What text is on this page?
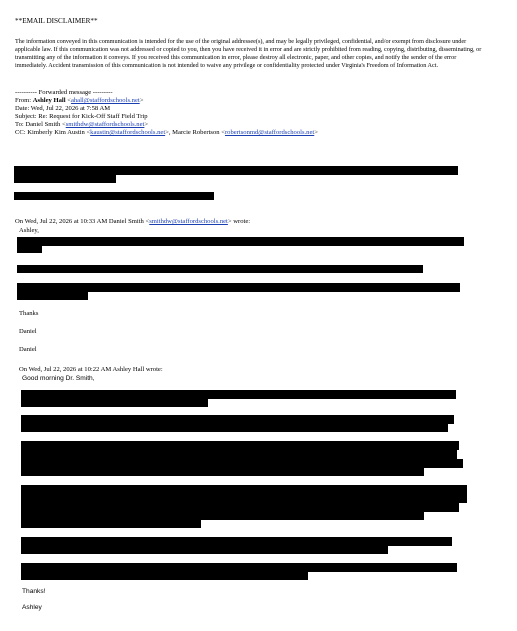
**EMAIL DISCLAIMER**
The information conveyed in this communication is intended for the use of the original addressee(s), and may be legally privileged, confidential, and/or exempt from disclosure under applicable law. If this communication was not addressed or copied to you, then you have received it in error and are strictly prohibited from reading, copying, distributing, disseminating, or transmitting any of the information it conveys. If you received this communication in error, please destroy all electronic, paper, and other copies, and notify the sender of the error immediately. Accident transmission of this communication is not intended to waive any privilege or confidentiality protected under Virginia's Freedom of Information Act.
---------- Forwarded message ---------
From: Ashley Hall <ahall@staffordschools.net>
Date: Wed, Jul 22, 2026 at 7:58 AM
Subject: Re: Request for Kick-Off Staff Field Trip
To: Daniel Smith <smithdw@staffordschools.net>
CC: Kimberly Kim Austin <kaustin@staffordschools.net>, Marcie Robertson <robertsonmd@staffordschools.net>
On Wed, Jul 22, 2026 at 10:33 AM Daniel Smith <smithdw@staffordschools.net> wrote:
Ashley,
Thanks
Daniel
Daniel
On Wed, Jul 22, 2026 at 10:22 AM Ashley Hall wrote:
Good morning Dr. Smith,
Thanks!
Ashley
